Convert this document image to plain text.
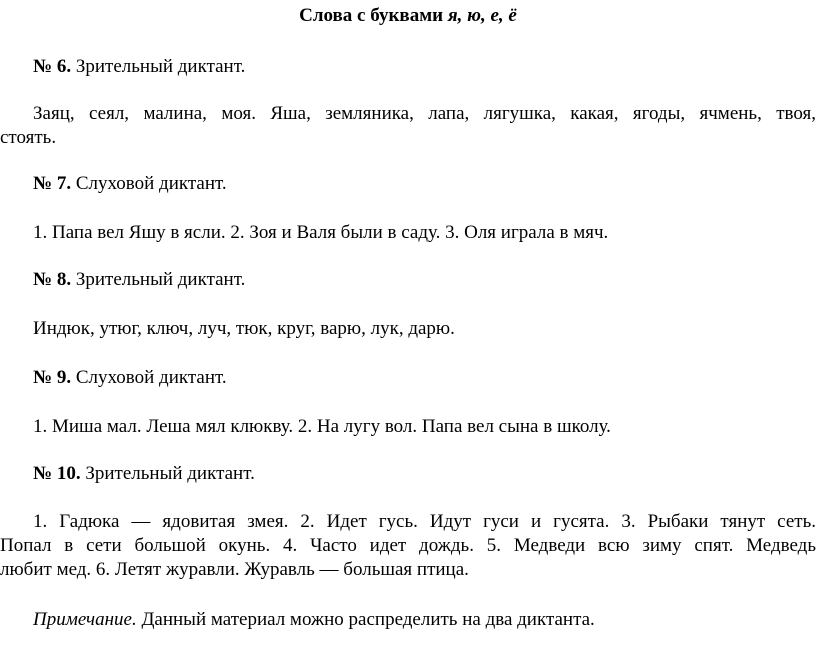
Слова с буквами я, ю, е, ё
№ 6. Зрительный диктант.
Заяц, сеял, малина, моя. Яша, земляника, лапа, лягушка, какая, ягоды, ячмень, твоя,
стоять.
№ 7. Слуховой диктант.
1. Папа вел Яшу в ясли. 2. Зоя и Валя были в саду. 3. Оля играла в мяч.
№ 8. Зрительный диктант.
Индюк, утюг, ключ, луч, тюк, круг, варю, лук, дарю.
№ 9. Слуховой диктант.
1. Миша мал. Леша мял клюкву. 2. На лугу вол. Папа вел сына в школу.
№ 10. Зрительный диктант.
1. Гадюка — ядовитая змея. 2. Идет гусь. Идут гуси и гусята. 3. Рыбаки тянут сеть.
Попал в сети большой окунь. 4. Часто идет дождь. 5. Медведи всю зиму спят. Медведь
любит мед. 6. Летят журавли. Журавль — большая птица.
Примечание. Данный материал можно распределить на два диктанта.
